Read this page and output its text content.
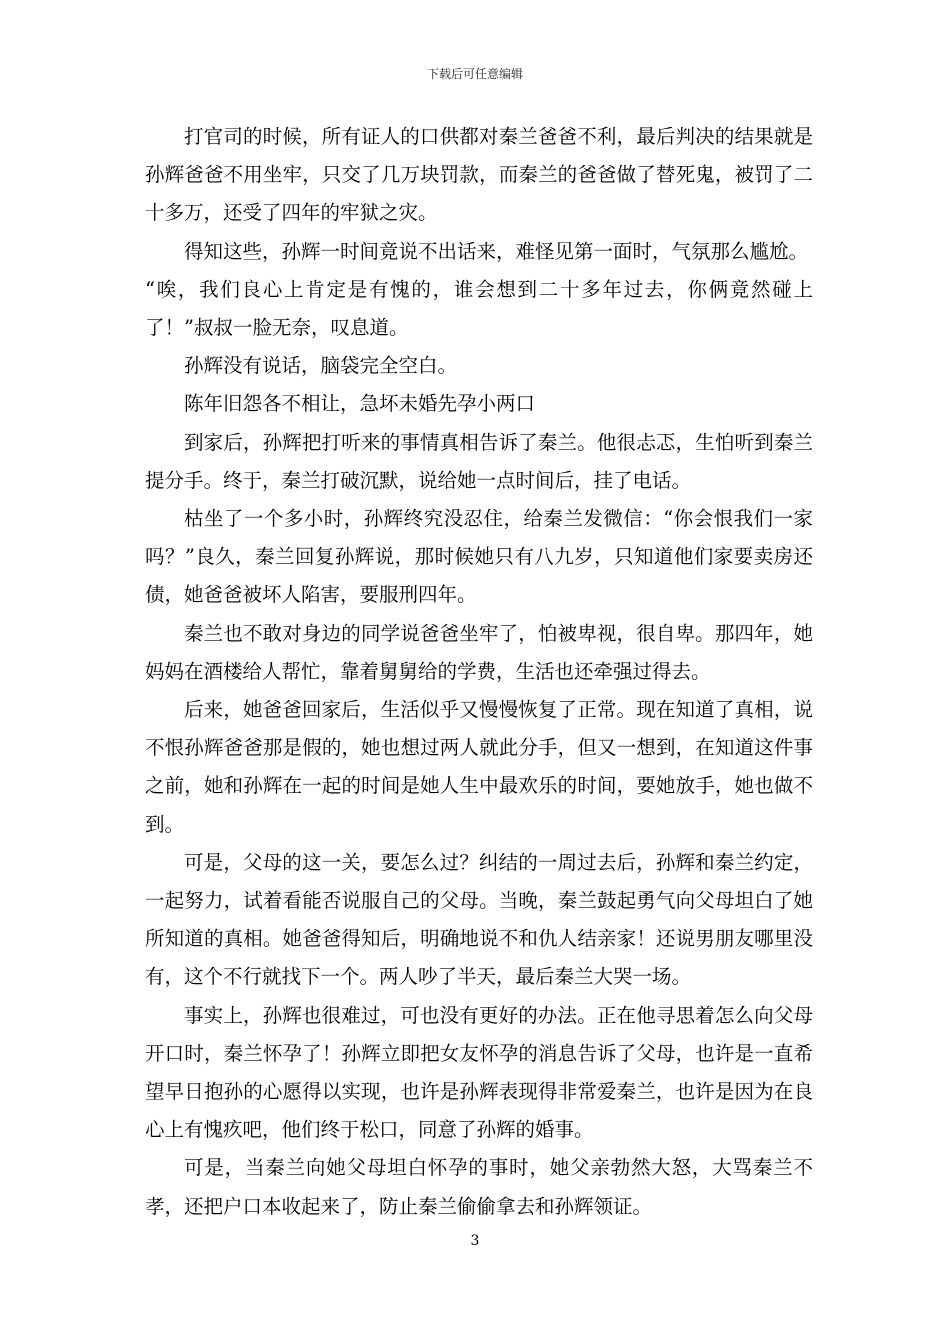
下载后可任意编辑

打官司的时候，所有证人的口供都对秦兰爸爸不利，最后判决的结果就是孙辉爸爸不用坐牢，只交了几万块罚款，而秦兰的爸爸做了替死鬼，被罚了二十多万，还受了四年的牢狱之灾。

得知这些，孙辉一时间竟说不出话来，难怪见第一面时，气氛那么尴尬。

“唉，我们良心上肯定是有愧的，谁会想到二十多年过去，你俩竟然碰上了！”叔叔一脸无奈，叹息道。

孙辉没有说话，脑袋完全空白。

陈年旧怨各不相让，急坏未婚先孕小两口

到家后，孙辉把打听来的事情真相告诉了秦兰。他很忐忑，生怕听到秦兰提分手。终于，秦兰打破沉默，说给她一点时间后，挂了电话。

枯坐了一个多小时，孙辉终究没忍住，给秦兰发微信：“你会恨我们一家吗？”良久，秦兰回复孙辉说，那时候她只有八九岁，只知道他们家要卖房还债，她爸爸被坏人陷害，要服刑四年。

秦兰也不敢对身边的同学说爸爸坐牢了，怕被卑视，很自卑。那四年，她妈妈在酒楼给人帮忙，靠着舅舅给的学费，生活也还牵强过得去。

后来，她爸爸回家后，生活似乎又慢慢恢复了正常。现在知道了真相，说不恨孙辉爸爸那是假的，她也想过两人就此分手，但又一想到，在知道这件事之前，她和孙辉在一起的时间是她人生中最欢乐的时间，要她放手，她也做不到。

可是，父母的这一关，要怎么过？纠结的一周过去后，孙辉和秦兰约定，一起努力，试着看能否说服自己的父母。当晚，秦兰鼓起勇气向父母坦白了她所知道的真相。她爸爸得知后，明确地说不和仇人结亲家！还说男朋友哪里没有，这个不行就找下一个。两人吵了半天，最后秦兰大哭一场。

事实上，孙辉也很难过，可也没有更好的办法。正在他寻思着怎么向父母开口时，秦兰怀孕了！孙辉立即把女友怀孕的消息告诉了父母，也许是一直希望早日抱孙的心愿得以实现，也许是孙辉表现得非常爱秦兰，也许是因为在良心上有愧疚吧，他们终于松口，同意了孙辉的婚事。

可是，当秦兰向她父母坦白怀孕的事时，她父亲勃然大怒，大骂秦兰不孝，还把户口本收起来了，防止秦兰偷偷拿去和孙辉领证。

3
